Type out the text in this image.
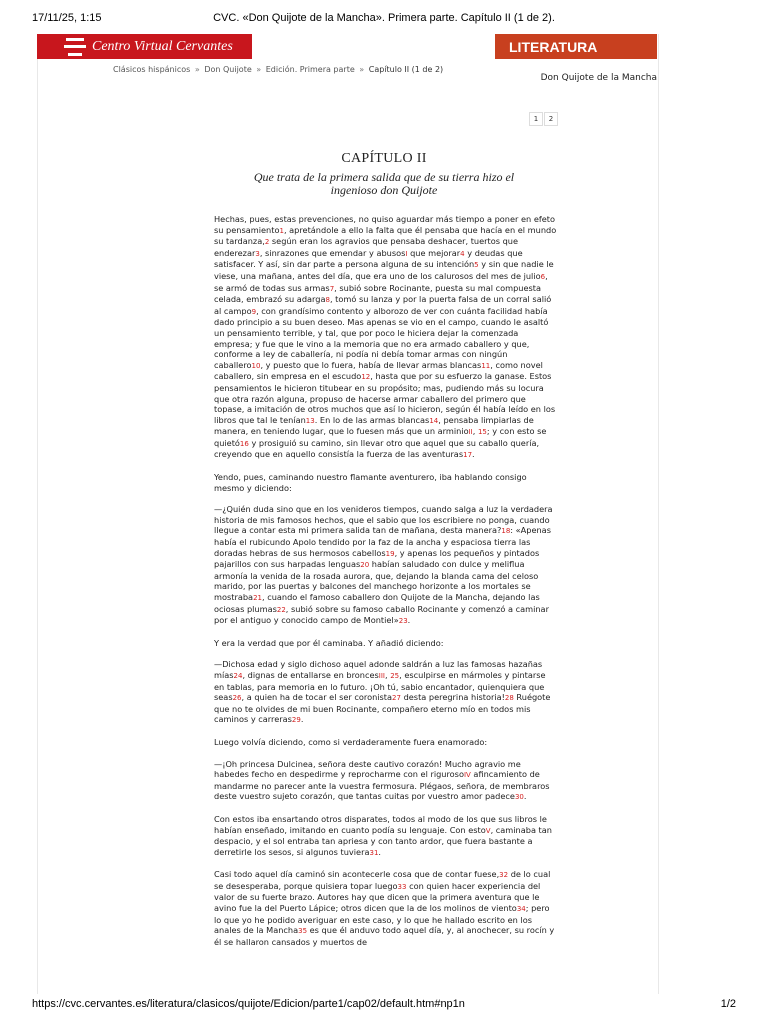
17/11/25, 1:15	CVC. «Don Quijote de la Mancha». Primera parte. Capítulo II (1 de 2).
Centro Virtual Cervantes	LITERATURA
Clásicos hispánicos » Don Quijote » Edición. Primera parte » Capítulo II (1 de 2)
Don Quijote de la Mancha
1	2
CAPÍTULO II
Que trata de la primera salida que de su tierra hizo el ingenioso don Quijote

Hechas, pues, estas prevenciones, no quiso aguardar más tiempo a poner en efeto su pensamiento1, apretándole a ello la falta que él pensaba que hacía en el mundo su tardanza,2 según eran los agravios que pensaba deshacer, tuertos que enderezar3, sinrazones que emendar y abusosI que mejorar4 y deudas que satisfacer. Y así, sin dar parte a persona alguna de su intención5 y sin que nadie le viese, una mañana, antes del día, que era uno de los calurosos del mes de julio6, se armó de todas sus armas7, subió sobre Rocinante, puesta su mal compuesta celada, embrazó su adarga8, tomó su lanza y por la puerta falsa de un corral salió al campo9, con grandísimo contento y alborozo de ver con cuánta facilidad había dado principio a su buen deseo. Mas apenas se vio en el campo, cuando le asaltó un pensamiento terrible, y tal, que por poco le hiciera dejar la comenzada empresa; y fue que le vino a la memoria que no era armado caballero y que, conforme a ley de caballería, ni podía ni debía tomar armas con ningún caballero10, y puesto que lo fuera, había de llevar armas blancas11, como novel caballero, sin empresa en el escudo12, hasta que por su esfuerzo la ganase. Estos pensamientos le hicieron titubear en su propósito; mas, pudiendo más su locura que otra razón alguna, propuso de hacerse armar caballero del primero que topase, a imitación de otros muchos que así lo hicieron, según él había leído en los libros que tal le tenían13. En lo de las armas blancas14, pensaba limpiarlas de manera, en teniendo lugar, que lo fuesen más que un arminioII, 15; y con esto se quietó16 y prosiguió su camino, sin llevar otro que aquel que su caballo quería, creyendo que en aquello consistía la fuerza de las aventuras17.

Yendo, pues, caminando nuestro flamante aventurero, iba hablando consigo mesmo y diciendo:

—¿Quién duda sino que en los venideros tiempos, cuando salga a luz la verdadera historia de mis famosos hechos, que el sabio que los escribiere no ponga, cuando llegue a contar esta mi primera salida tan de mañana, desta manera?18: «Apenas había el rubicundo Apolo tendido por la faz de la ancha y espaciosa tierra las doradas hebras de sus hermosos cabellos19, y apenas los pequeños y pintados pajarillos con sus harpadas lenguas20 habían saludado con dulce y meliflua armonía la venida de la rosada aurora, que, dejando la blanda cama del celoso marido, por las puertas y balcones del manchego horizonte a los mortales se mostraba21, cuando el famoso caballero don Quijote de la Mancha, dejando las ociosas plumas22, subió sobre su famoso caballo Rocinante y comenzó a caminar por el antiguo y conocido campo de Montiel»23.

Y era la verdad que por él caminaba. Y añadió diciendo:

—Dichosa edad y siglo dichoso aquel adonde saldrán a luz las famosas hazañas mías24, dignas de entallarse en broncesIII, 25, esculpirse en mármoles y pintarse en tablas, para memoria en lo futuro. ¡Oh tú, sabio encantador, quienquiera que seas26, a quien ha de tocar el ser coronista27 desta peregrina historia!28 Ruégote que no te olvides de mi buen Rocinante, compañero eterno mío en todos mis caminos y carreras29.

Luego volvía diciendo, como si verdaderamente fuera enamorado:

—¡Oh princesa Dulcinea, señora deste cautivo corazón! Mucho agravio me habedes fecho en despedirme y reprocharme con el rigurosoIV afincamiento de mandarme no parecer ante la vuestra fermosura. Plégaos, señora, de membraros deste vuestro sujeto corazón, que tantas cuitas por vuestro amor padece30.

Con estos iba ensartando otros disparates, todos al modo de los que sus libros le habían enseñado, imitando en cuanto podía su lenguaje. Con estoV, caminaba tan despacio, y el sol entraba tan apriesa y con tanto ardor, que fuera bastante a derretirle los sesos, si algunos tuviera31.

Casi todo aquel día caminó sin acontecerle cosa que de contar fuese,32 de lo cual se desesperaba, porque quisiera topar luego33 con quien hacer experiencia del valor de su fuerte brazo. Autores hay que dicen que la primera aventura que le avino fue la del Puerto Lápice; otros dicen que la de los molinos de viento34; pero lo que yo he podido averiguar en este caso, y lo que he hallado escrito en los anales de la Mancha35 es que él anduvo todo aquel día, y, al anochecer, su rocín y él se hallaron cansados y muertos de

https://cvc.cervantes.es/literatura/clasicos/quijote/Edicion/parte1/cap02/default.htm#np1n	1/2
